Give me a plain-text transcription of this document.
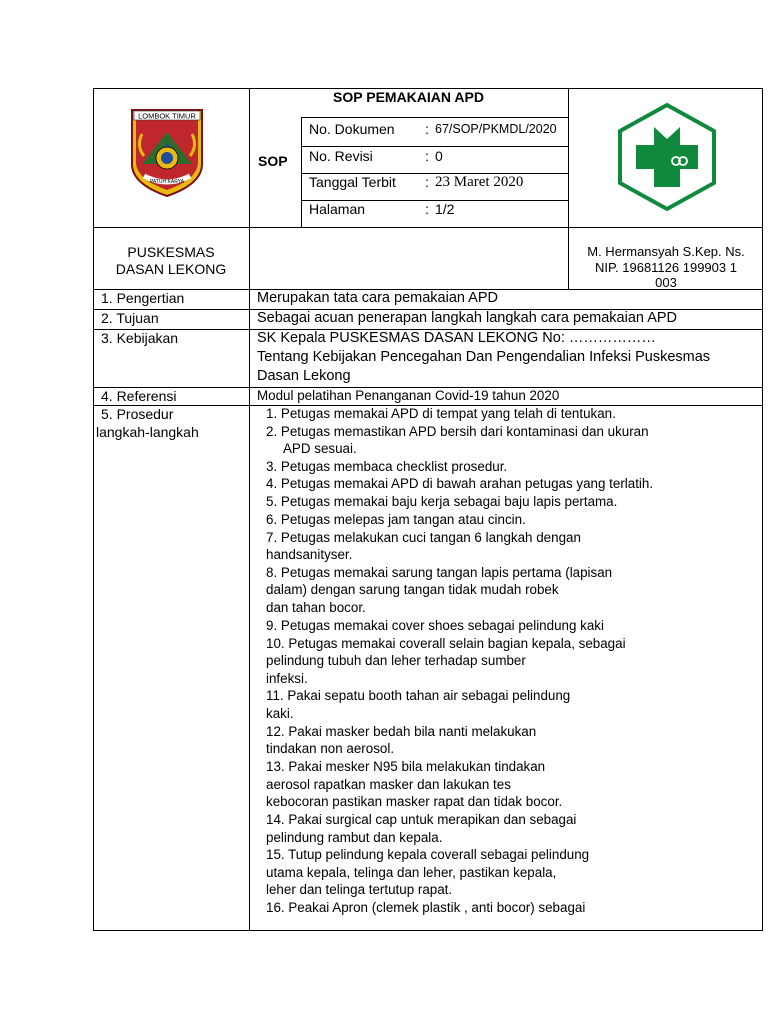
LOMBOK TIMUR
PATUH KARYA
SOP PEMAKAIAN APD
SOP
No. Dokumen : 67/SOP/PKMDL/2020
No. Revisi	: 0
Tanggal Terbit : 23 Maret 2020
Halaman	: 1/2
PUSKESMAS
DASAN LEKONG
M. Hermansyah S.Kep. Ns.
NIP. 19681126 199903 1
003
1. Pengertian	Merupakan tata cara pemakaian APD
2. Tujuan	Sebagai acuan penerapan langkah langkah cara pemakaian APD
3. Kebijakan	SK Kepala PUSKESMAS DASAN LEKONG No: ………………
Tentang Kebijakan Pencegahan Dan Pengendalian Infeksi Puskesmas
Dasan Lekong
4. Referensi	Modul pelatihan Penanganan Covid-19 tahun 2020
5. Prosedur
langkah-langkah
1. Petugas memakai APD di tempat yang telah di tentukan.
2. Petugas memastikan APD bersih dari kontaminasi dan ukuran
APD sesuai.
3. Petugas membaca checklist prosedur.
4. Petugas memakai APD di bawah arahan petugas yang terlatih.
5. Petugas memakai baju kerja sebagai baju lapis pertama.
6. Petugas melepas jam tangan atau cincin.
7. Petugas melakukan cuci tangan 6 langkah dengan
handsanityser.
8. Petugas memakai sarung tangan lapis pertama (lapisan
dalam) dengan sarung tangan tidak mudah robek
dan tahan bocor.
9. Petugas memakai cover shoes sebagai pelindung kaki
10. Petugas memakai coverall selain bagian kepala, sebagai
pelindung tubuh dan leher terhadap sumber
infeksi.
11. Pakai sepatu booth tahan air sebagai pelindung
kaki.
12. Pakai masker bedah bila nanti melakukan
tindakan non aerosol.
13. Pakai mesker N95 bila melakukan tindakan
aerosol rapatkan masker dan lakukan tes
kebocoran pastikan masker rapat dan tidak bocor.
14. Pakai surgical cap untuk merapikan dan sebagai
pelindung rambut dan kepala.
15. Tutup pelindung kepala coverall sebagai pelindung
utama kepala, telinga dan leher, pastikan kepala,
leher dan telinga tertutup rapat.
16. Peakai Apron (clemek plastik , anti bocor) sebagai
